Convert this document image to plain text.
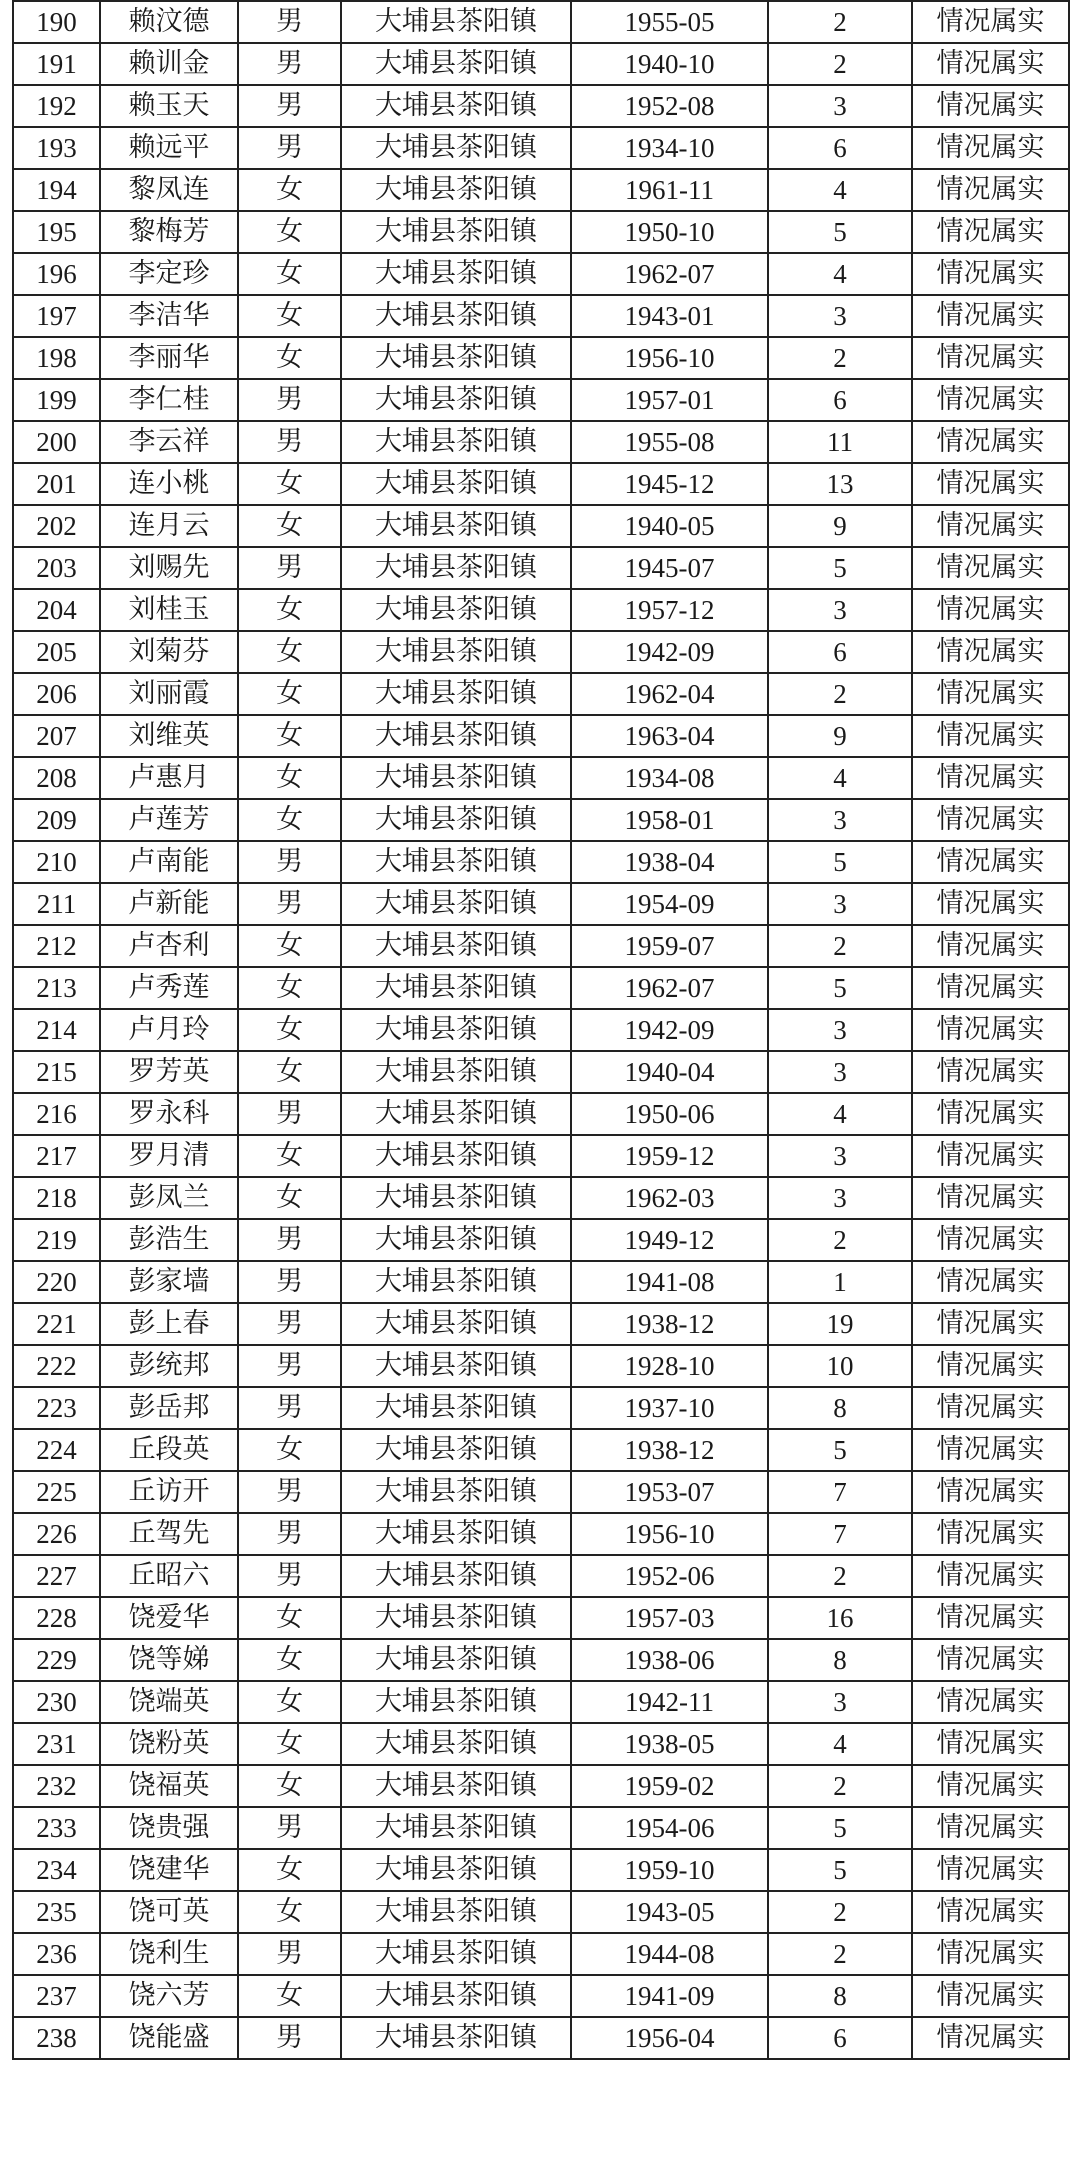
190	赖汶德	男	大埔县茶阳镇	1955-05	2	情况属实
191	赖训金	男	大埔县茶阳镇	1940-10	2	情况属实
192	赖玉天	男	大埔县茶阳镇	1952-08	3	情况属实
193	赖远平	男	大埔县茶阳镇	1934-10	6	情况属实
194	黎凤连	女	大埔县茶阳镇	1961-11	4	情况属实
195	黎梅芳	女	大埔县茶阳镇	1950-10	5	情况属实
196	李定珍	女	大埔县茶阳镇	1962-07	4	情况属实
197	李洁华	女	大埔县茶阳镇	1943-01	3	情况属实
198	李丽华	女	大埔县茶阳镇	1956-10	2	情况属实
199	李仁桂	男	大埔县茶阳镇	1957-01	6	情况属实
200	李云祥	男	大埔县茶阳镇	1955-08	11	情况属实
201	连小桃	女	大埔县茶阳镇	1945-12	13	情况属实
202	连月云	女	大埔县茶阳镇	1940-05	9	情况属实
203	刘赐先	男	大埔县茶阳镇	1945-07	5	情况属实
204	刘桂玉	女	大埔县茶阳镇	1957-12	3	情况属实
205	刘菊芬	女	大埔县茶阳镇	1942-09	6	情况属实
206	刘丽霞	女	大埔县茶阳镇	1962-04	2	情况属实
207	刘维英	女	大埔县茶阳镇	1963-04	9	情况属实
208	卢惠月	女	大埔县茶阳镇	1934-08	4	情况属实
209	卢莲芳	女	大埔县茶阳镇	1958-01	3	情况属实
210	卢南能	男	大埔县茶阳镇	1938-04	5	情况属实
211	卢新能	男	大埔县茶阳镇	1954-09	3	情况属实
212	卢杏利	女	大埔县茶阳镇	1959-07	2	情况属实
213	卢秀莲	女	大埔县茶阳镇	1962-07	5	情况属实
214	卢月玲	女	大埔县茶阳镇	1942-09	3	情况属实
215	罗芳英	女	大埔县茶阳镇	1940-04	3	情况属实
216	罗永科	男	大埔县茶阳镇	1950-06	4	情况属实
217	罗月清	女	大埔县茶阳镇	1959-12	3	情况属实
218	彭凤兰	女	大埔县茶阳镇	1962-03	3	情况属实
219	彭浩生	男	大埔县茶阳镇	1949-12	2	情况属实
220	彭家墙	男	大埔县茶阳镇	1941-08	1	情况属实
221	彭上春	男	大埔县茶阳镇	1938-12	19	情况属实
222	彭统邦	男	大埔县茶阳镇	1928-10	10	情况属实
223	彭岳邦	男	大埔县茶阳镇	1937-10	8	情况属实
224	丘段英	女	大埔县茶阳镇	1938-12	5	情况属实
225	丘访开	男	大埔县茶阳镇	1953-07	7	情况属实
226	丘驾先	男	大埔县茶阳镇	1956-10	7	情况属实
227	丘昭六	男	大埔县茶阳镇	1952-06	2	情况属实
228	饶爱华	女	大埔县茶阳镇	1957-03	16	情况属实
229	饶等娣	女	大埔县茶阳镇	1938-06	8	情况属实
230	饶端英	女	大埔县茶阳镇	1942-11	3	情况属实
231	饶粉英	女	大埔县茶阳镇	1938-05	4	情况属实
232	饶福英	女	大埔县茶阳镇	1959-02	2	情况属实
233	饶贵强	男	大埔县茶阳镇	1954-06	5	情况属实
234	饶建华	女	大埔县茶阳镇	1959-10	5	情况属实
235	饶可英	女	大埔县茶阳镇	1943-05	2	情况属实
236	饶利生	男	大埔县茶阳镇	1944-08	2	情况属实
237	饶六芳	女	大埔县茶阳镇	1941-09	8	情况属实
238	饶能盛	男	大埔县茶阳镇	1956-04	6	情况属实
